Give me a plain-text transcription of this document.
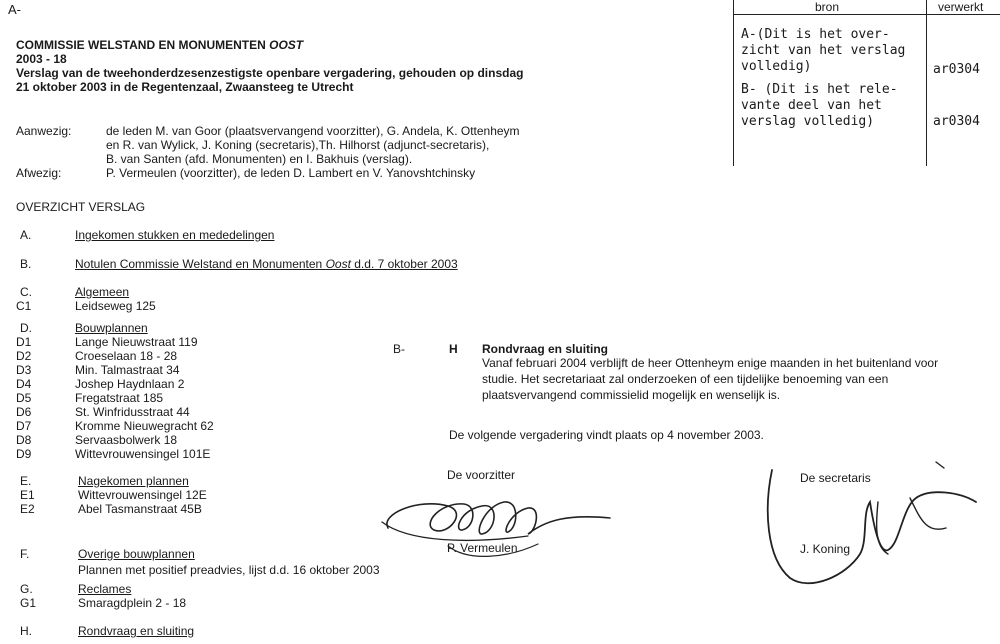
A-
COMMISSIE WELSTAND EN MONUMENTEN OOST
2003 - 18
Verslag van de tweehonderdzesenzestigste openbare vergadering, gehouden op dinsdag
21 oktober 2003 in de Regentenzaal, Zwaansteeg te Utrecht
Aanwezig:	de leden M. van Goor (plaatsvervangend voorzitter), G. Andela, K. Ottenheym
en R. van Wylick, J. Koning (secretaris),Th. Hilhorst (adjunct-secretaris),
B. van Santen (afd. Monumenten) en I. Bakhuis (verslag).
Afwezig:	P. Vermeulen (voorzitter), de leden D. Lambert en V. Yanovshtchinsky
OVERZICHT VERSLAG
A.	Ingekomen stukken en mededelingen
B.	Notulen Commissie Welstand en Monumenten Oost d.d. 7 oktober 2003
C.	Algemeen
C1	Leidseweg 125
D.	Bouwplannen
D1	Lange Nieuwstraat 119
D2	Croeselaan 18 - 28
D3	Min. Talmastraat 34
D4	Joshep Haydnlaan 2
D5	Fregatstraat 185
D6	St. Winfridusstraat 44
D7	Kromme Nieuwegracht 62
D8	Servaasbolwerk 18
D9	Wittevrouwensingel 101E
E.	Nagekomen plannen
E1	Wittevrouwensingel 12E
E2	Abel Tasmanstraat 45B
F.	Overige bouwplannen
Plannen met positief preadvies, lijst d.d. 16 oktober 2003
G.	Reclames
G1	Smaragdplein 2 - 18
H.	Rondvraag en sluiting
B-	H Rondvraag en sluiting
Vanaf februari 2004 verblijft de heer Ottenheym enige maanden in het buitenland voor
studie. Het secretariaat zal onderzoeken of een tijdelijke benoeming van een
plaatsvervangend commissielid mogelijk en wenselijk is.
De volgende vergadering vindt plaats op 4 november 2003.
De voorzitter
P. Vermeulen
De secretaris
J. Koning
bron	verwerkt
A-(Dit is het over-
zicht van het verslag
volledig)	ar0304
B- (Dit is het rele-
vante deel van het
verslag volledig)	ar0304
